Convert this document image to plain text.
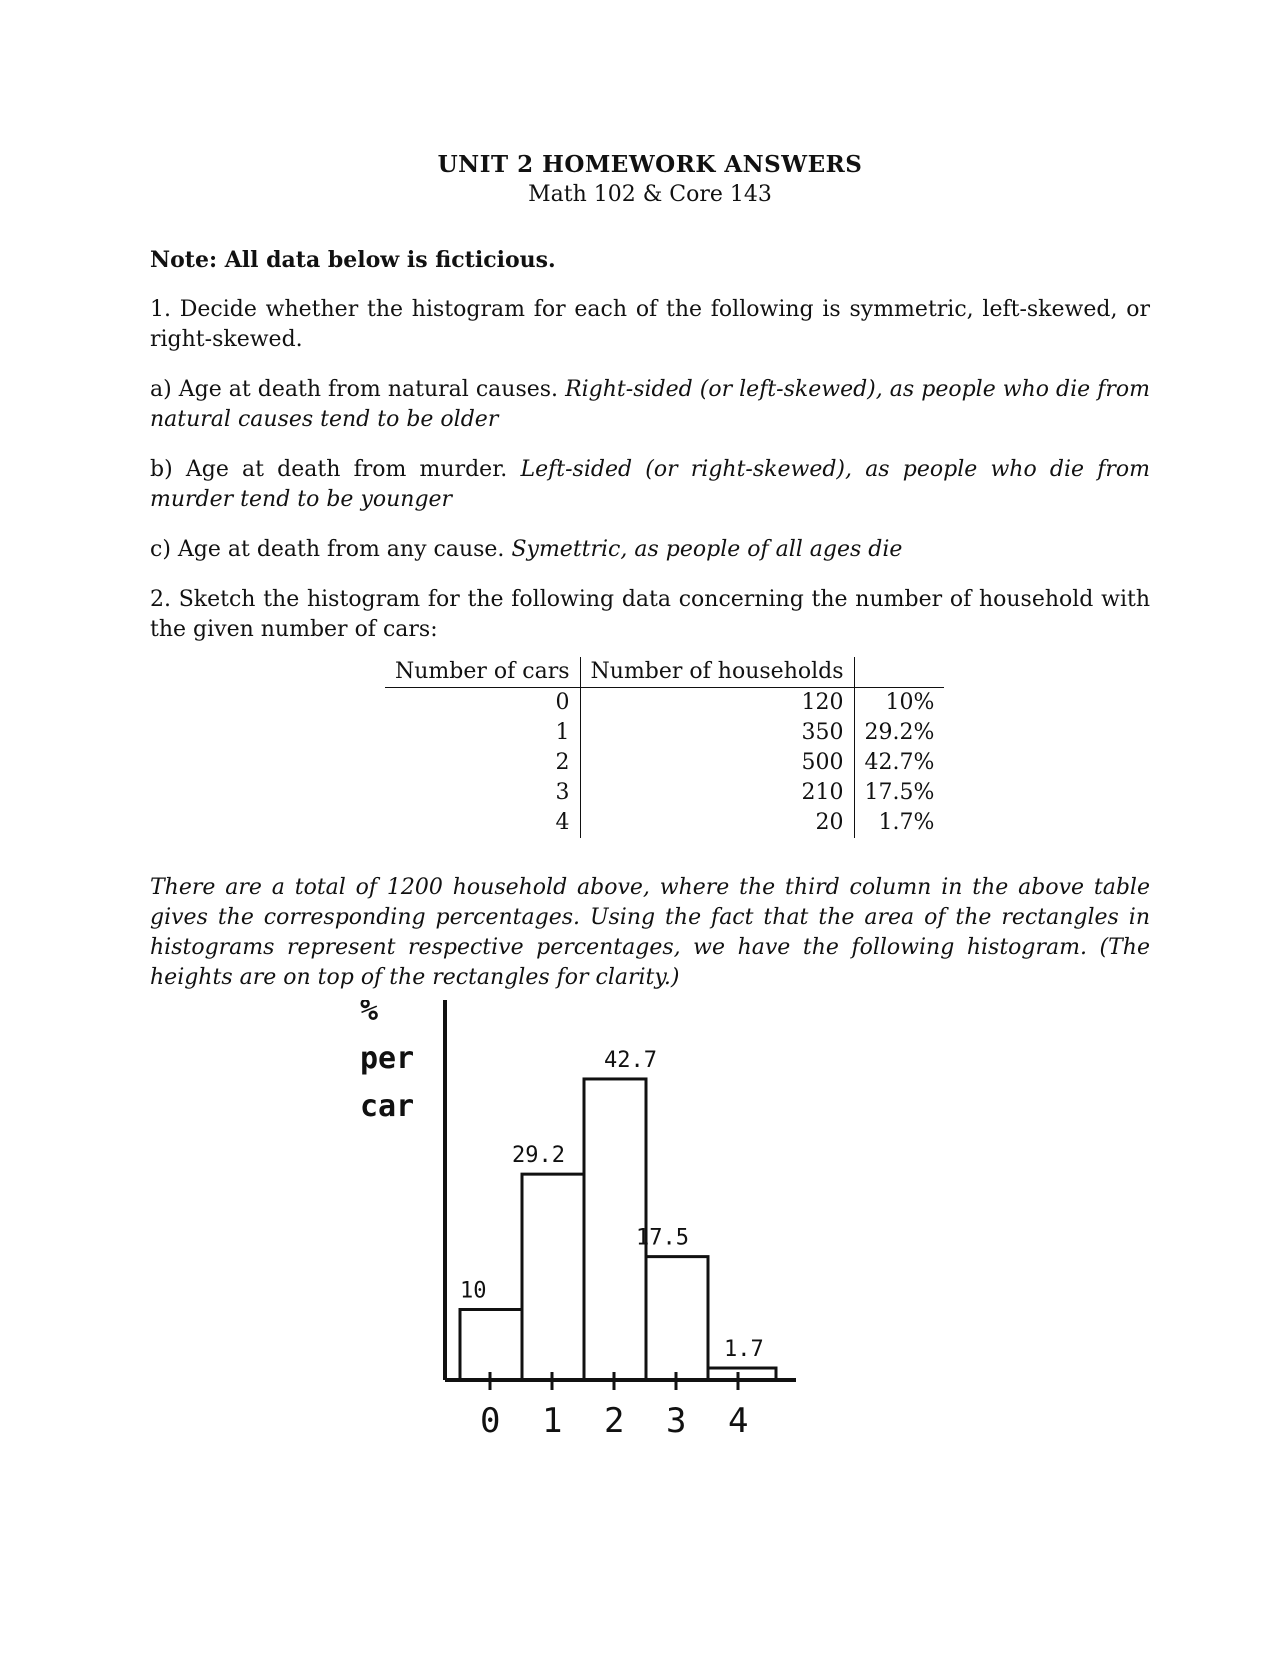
UNIT 2 HOMEWORK ANSWERS
Math 102 & Core 143

Note: All data below is ficticious.

1. Decide whether the histogram for each of the following is symmetric, left-skewed, or right-skewed.

a) Age at death from natural causes. Right-sided (or left-skewed), as people who die from natural causes tend to be older

b) Age at death from murder. Left-sided (or right-skewed), as people who die from murder tend to be younger

c) Age at death from any cause. Symettric, as people of all ages die

2. Sketch the histogram for the following data concerning the number of household with the given number of cars:

Number of cars	Number of households	
0	120	10%
1	350	29.2%
2	500	42.7%
3	210	17.5%
4	20	1.7%

There are a total of 1200 household above, where the third column in the above table gives the corresponding percentages. Using the fact that the area of the rectangles in histograms represent respective percentages, we have the following histogram. (The heights are on top of the rectangles for clarity.)

%
per
car
10
0
29.2
1
42.7
2
17.5
3
1.7
4
